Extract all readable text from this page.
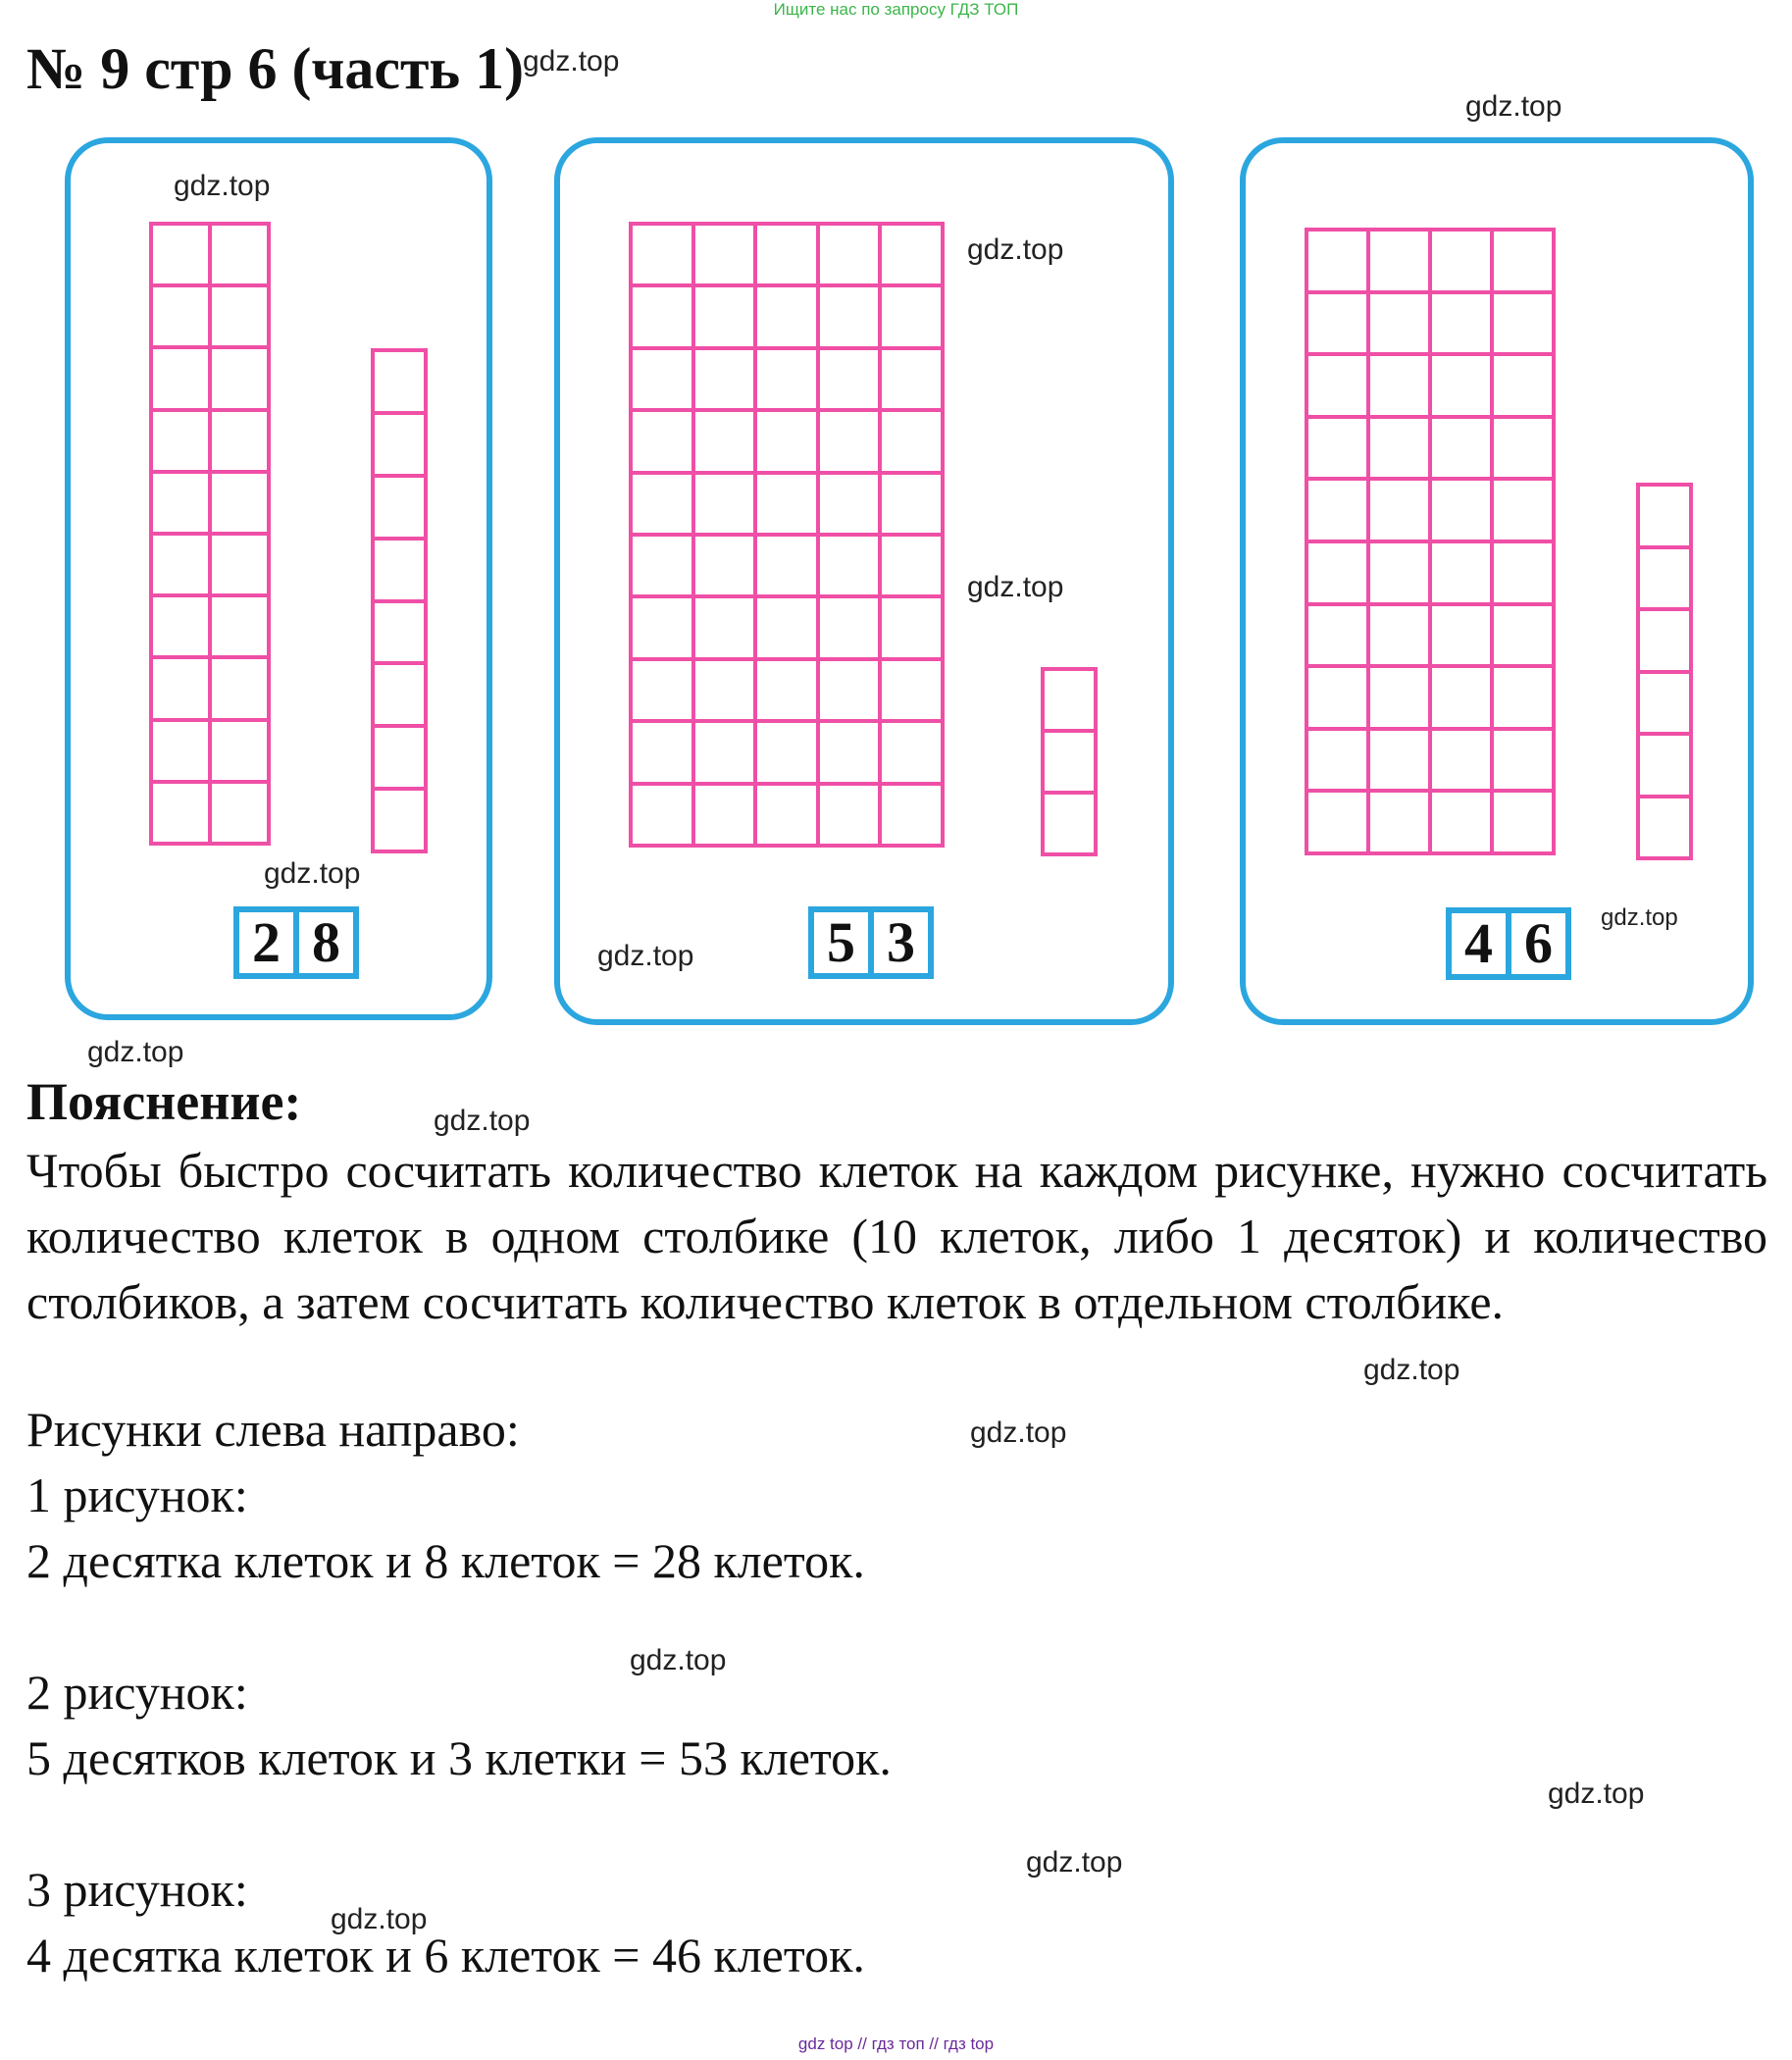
Ищите нас по запросу ГДЗ ТОП
№ 9 стр 6 (часть 1)
2 8	5 3	4 6
Пояснение:
Чтобы быстро сосчитать количество клеток на каждом рисунке, нужно сосчитать количество клеток в одном столбике (10 клеток, либо 1 десяток) и количество столбиков, а затем сосчитать количество клеток в отдельном столбике.
Рисунки слева направо:
1 рисунок:
2 десятка клеток и 8 клеток = 28 клеток.
2 рисунок:
5 десятков клеток и 3 клетки = 53 клеток.
3 рисунок:
4 десятка клеток и 6 клеток = 46 клеток.
gdz.top
gdz.top
gdz.top
gdz.top
gdz.top
gdz.top
gdz.top
gdz.top
gdz.top
gdz.top
gdz.top
gdz.top
gdz.top
gdz.top
gdz.top
gdz.top
gdz top // гдз топ // гдз top
